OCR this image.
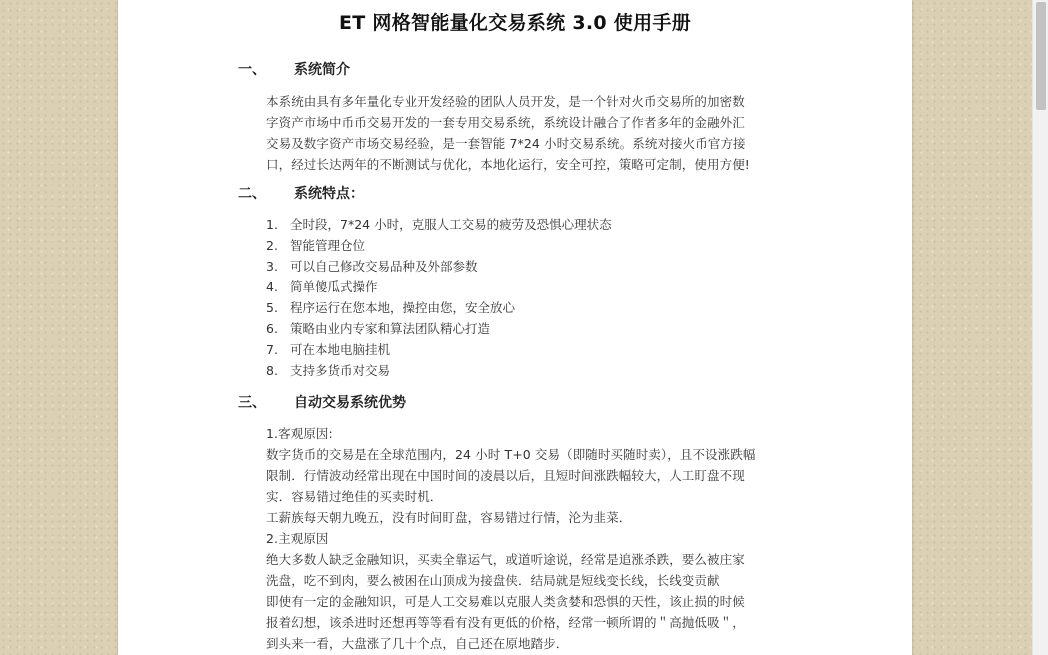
ET 网格智能量化交易系统 3.0 使用手册
一、 系统简介
本系统由具有多年量化专业开发经验的团队人员开发，是一个针对火币交易所的加密数
字资产市场中币币交易开发的一套专用交易系统，系统设计融合了作者多年的金融外汇
交易及数字资产市场交易经验，是一套智能 7*24 小时交易系统。系统对接火币官方接
口，经过长达两年的不断测试与优化，本地化运行，安全可控，策略可定制，使用方便!
二、 系统特点：
1. 全时段，7*24 小时，克服人工交易的疲劳及恐惧心理状态
2. 智能管理仓位
3. 可以自己修改交易品种及外部参数
4. 简单傻瓜式操作
5. 程序运行在您本地，操控由您，安全放心
6. 策略由业内专家和算法团队精心打造
7. 可在本地电脑挂机
8. 支持多货币对交易
三、 自动交易系统优势
1.客观原因:
数字货币的交易是在全球范围内，24 小时 T+0 交易（即随时买随时卖），且不设涨跌幅
限制．行情波动经常出现在中国时间的凌晨以后，且短时间涨跌幅较大，人工盯盘不现
实．容易错过绝佳的买卖时机．
工薪族每天朝九晚五，没有时间盯盘，容易错过行情，沦为韭菜．
2.主观原因
绝大多数人缺乏金融知识，买卖全靠运气，或道听途说，经常是追涨杀跌，要么被庄家
洗盘，吃不到肉，要么被困在山顶成为接盘侠．结局就是短线变长线，长线变贡献
即使有一定的金融知识，可是人工交易难以克服人类贪婪和恐惧的天性，该止损的时候
报着幻想，该杀进时还想再等等看有没有更低的价格，经常一顿所谓的＂高抛低吸＂，
到头来一看，大盘涨了几十个点，自己还在原地踏步．
